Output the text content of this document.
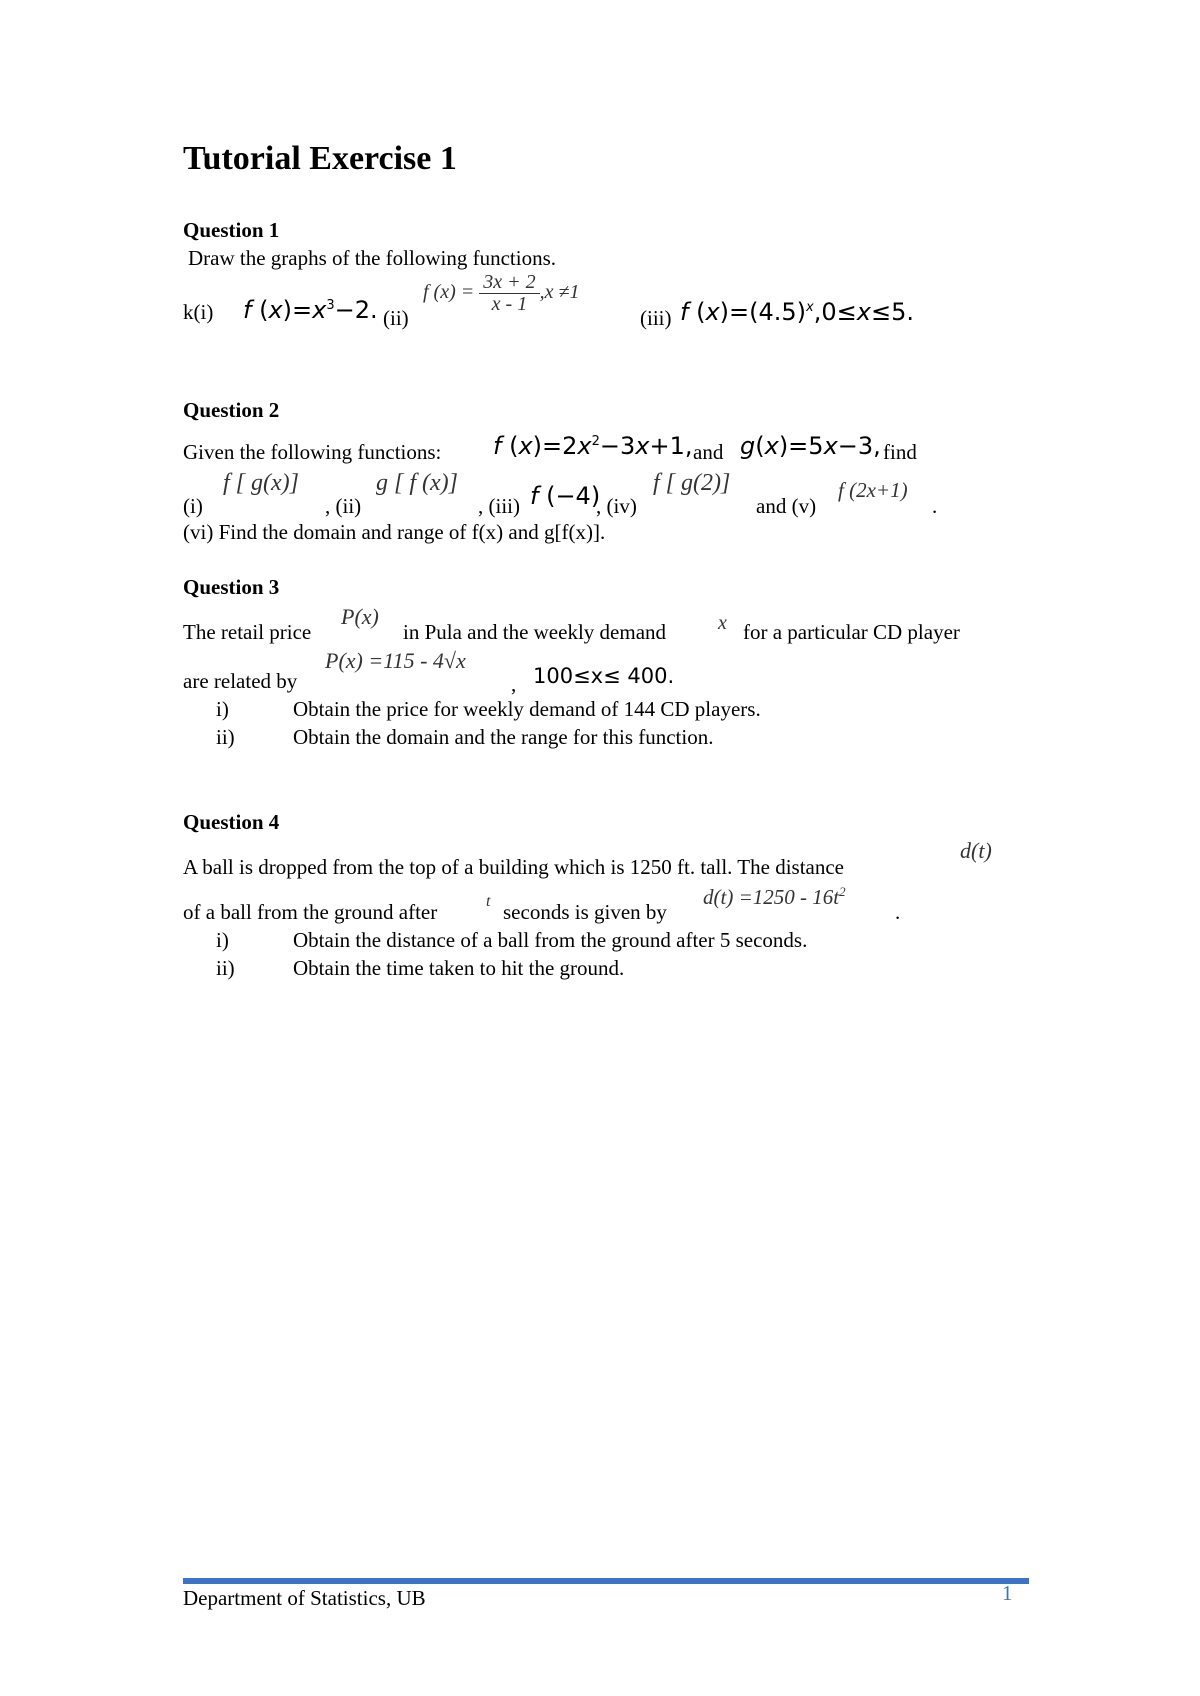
Tutorial Exercise 1
Question 1
Draw the graphs of the following functions.
k(i) f $(x)=x^3-2$. (ii)
f $(x) = \frac{3x + 2}{x - 1} ,x \ne 1$
(iii) f $(x)=(4.5)^x,0\le x\le 5$.
Question 2
Given the following functions: f $(x)=2x^2-3x+1$, and g(x)=5x−3, find
(i)
f [ g(x)]
, (ii)
g [ f (x)]
, (iii) f (−4)
, (iv)
f [ g(2)]
and (v)
f (2x+1)
.
(vi) Find the domain and range of f(x) and g[f(x)].
Question 3
The retail price
P(x)
in Pula and the weekly demand	x for a particular CD player
are related by
P(x) =115 - 4√x
, 100≤x≤ 400.
i)	Obtain the price for weekly demand of 144 CD players.
ii)	Obtain the domain and the range for this function.
Question 4
A ball is dropped from the top of a building which is 1250 ft. tall. The distance
d(t)
of a ball from the ground after	t seconds is given by
$d(t) =1250 - 16t^2$
.
i)	Obtain the distance of a ball from the ground after 5 seconds.
ii)	Obtain the time taken to hit the ground.
Department of Statistics, UB	1
